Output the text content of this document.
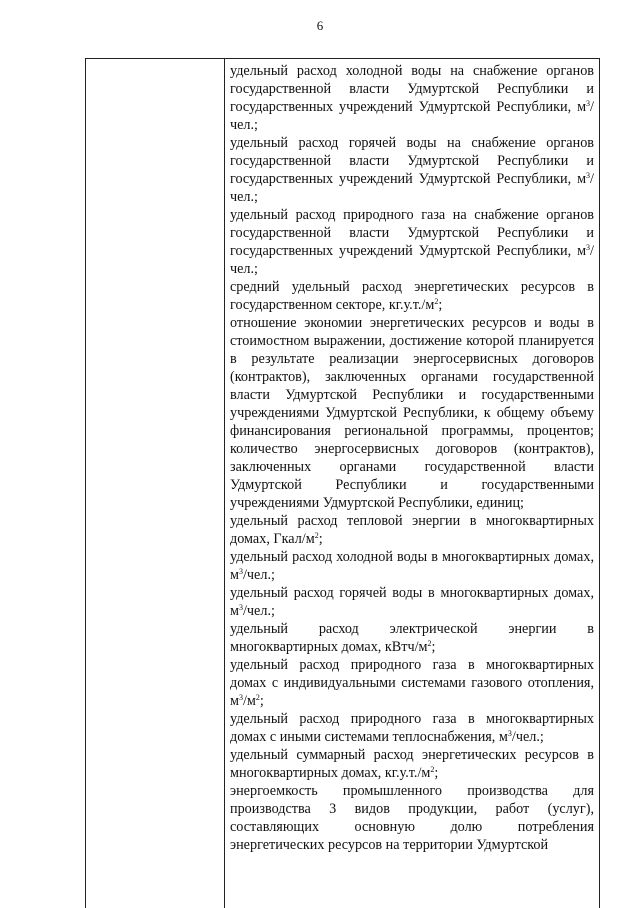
6

удельный расход холодной воды на снабжение органов государственной власти Удмуртской Республики и государственных учреждений Удмуртской Республики, $м^3$/чел.;

удельный расход горячей воды на снабжение органов государственной власти Удмуртской Республики и государственных учреждений Удмуртской Республики, $м^3$/чел.;

удельный расход природного газа на снабжение органов государственной власти Удмуртской Республики и государственных учреждений Удмуртской Республики, $м^3$/чел.;

средний удельный расход энергетических ресурсов в государственном секторе, $кг.у.т./м^2$;

отношение экономии энергетических ресурсов и воды в стоимостном выражении, достижение которой планируется в результате реализации энергосервисных договоров (контрактов), заключенных органами государственной власти Удмуртской Республики и государственными учреждениями Удмуртской Республики, к общему объему финансирования региональной программы, процентов; количество энергосервисных договоров (контрактов), заключенных органами государственной власти Удмуртской Республики и государственными учреждениями Удмуртской Республики, единиц;

удельный расход тепловой энергии в многоквартирных домах, Гкал/$м^2$;

удельный расход холодной воды в многоквартирных домах, $м^3$/чел.;

удельный расход горячей воды в многоквартирных домах, $м^3$/чел.;

удельный расход электрической энергии в многоквартирных домах, кВтч/$м^2$;

удельный расход природного газа в многоквартирных домах с индивидуальными системами газового отопления, $м^3/м^2$;

удельный расход природного газа в многоквартирных домах с иными системами теплоснабжения, $м^3$/чел.;

удельный суммарный расход энергетических ресурсов в многоквартирных домах, $кг.у.т./м^2$;

энергоемкость промышленного производства для производства 3 видов продукции, работ (услуг), составляющих основную долю потребления энергетических ресурсов на территории Удмуртской
